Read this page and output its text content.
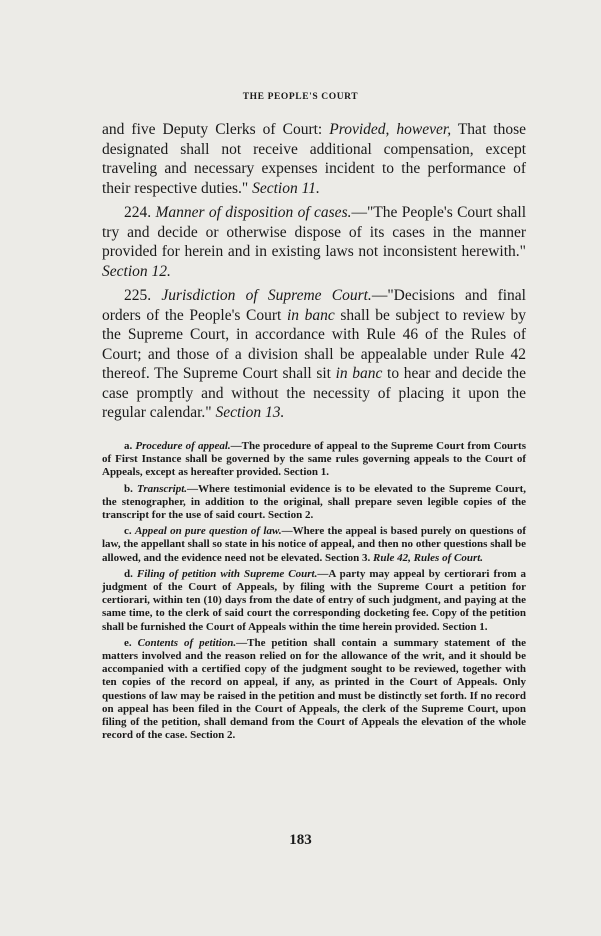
THE PEOPLE'S COURT

and five Deputy Clerks of Court: Provided, however, That those designated shall not receive additional compensation, except traveling and necessary expenses incident to the performance of their respective duties." Section 11.

224. Manner of disposition of cases.—"The People's Court shall try and decide or otherwise dispose of its cases in the manner provided for herein and in existing laws not inconsistent herewith." Section 12.

225. Jurisdiction of Supreme Court.—"Decisions and final orders of the People's Court in banc shall be subject to review by the Supreme Court, in accordance with Rule 46 of the Rules of Court; and those of a division shall be appealable under Rule 42 thereof. The Supreme Court shall sit in banc to hear and decide the case promptly and without the necessity of placing it upon the regular calendar." Section 13.

a. Procedure of appeal.—The procedure of appeal to the Supreme Court from Courts of First Instance shall be governed by the same rules governing appeals to the Court of Appeals, except as hereafter provided. Section 1.

b. Transcript.—Where testimonial evidence is to be elevated to the Supreme Court, the stenographer, in addition to the original, shall prepare seven legible copies of the transcript for the use of said court. Section 2.

c. Appeal on pure question of law.—Where the appeal is based purely on questions of law, the appellant shall so state in his notice of appeal, and then no other questions shall be allowed, and the evidence need not be elevated. Section 3. Rule 42, Rules of Court.

d. Filing of petition with Supreme Court.—A party may appeal by certiorari from a judgment of the Court of Appeals, by filing with the Supreme Court a petition for certiorari, within ten (10) days from the date of entry of such judgment, and paying at the same time, to the clerk of said court the corresponding docketing fee. Copy of the petition shall be furnished the Court of Appeals within the time herein provided. Section 1.

e. Contents of petition.—The petition shall contain a summary statement of the matters involved and the reason relied on for the allowance of the writ, and it should be accompanied with a certified copy of the judgment sought to be reviewed, together with ten copies of the record on appeal, if any, as printed in the Court of Appeals. Only questions of law may be raised in the petition and must be distinctly set forth. If no record on appeal has been filed in the Court of Appeals, the clerk of the Supreme Court, upon filing of the petition, shall demand from the Court of Appeals the elevation of the whole record of the case. Section 2.

183
